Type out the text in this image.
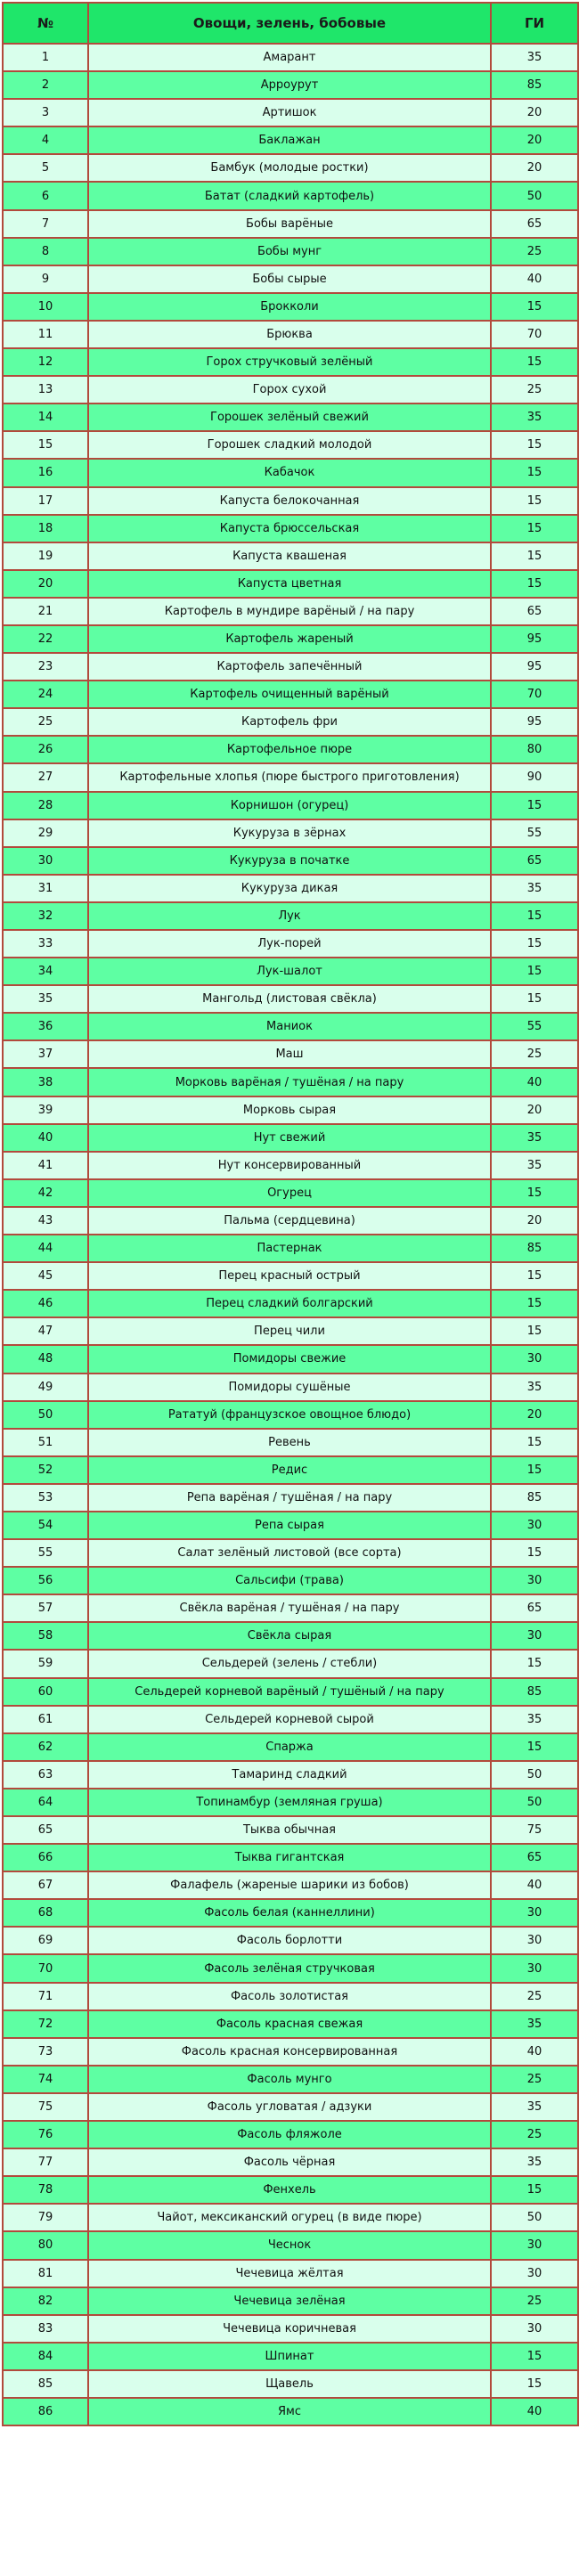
№	Овощи, зелень, бобовые	ГИ
1	Амарант	35
2	Арроурут	85
3	Артишок	20
4	Баклажан	20
5	Бамбук (молодые ростки)	20
6	Батат (сладкий картофель)	50
7	Бобы варёные	65
8	Бобы мунг	25
9	Бобы сырые	40
10	Брокколи	15
11	Брюква	70
12	Горох стручковый зелёный	15
13	Горох сухой	25
14	Горошек зелёный свежий	35
15	Горошек сладкий молодой	15
16	Кабачок	15
17	Капуста белокочанная	15
18	Капуста брюссельская	15
19	Капуста квашеная	15
20	Капуста цветная	15
21	Картофель в мундире варёный / на пару	65
22	Картофель жареный	95
23	Картофель запечённый	95
24	Картофель очищенный варёный	70
25	Картофель фри	95
26	Картофельное пюре	80
27	Картофельные хлопья (пюре быстрого приготовления)	90
28	Корнишон (огурец)	15
29	Кукуруза в зёрнах	55
30	Кукуруза в початке	65
31	Кукуруза дикая	35
32	Лук	15
33	Лук-порей	15
34	Лук-шалот	15
35	Мангольд (листовая свёкла)	15
36	Маниок	55
37	Маш	25
38	Морковь варёная / тушёная / на пару	40
39	Морковь сырая	20
40	Нут свежий	35
41	Нут консервированный	35
42	Огурец	15
43	Пальма (сердцевина)	20
44	Пастернак	85
45	Перец красный острый	15
46	Перец сладкий болгарский	15
47	Перец чили	15
48	Помидоры свежие	30
49	Помидоры сушёные	35
50	Рататуй (французское овощное блюдо)	20
51	Ревень	15
52	Редис	15
53	Репа варёная / тушёная / на пару	85
54	Репа сырая	30
55	Салат зелёный листовой (все сорта)	15
56	Сальсифи (трава)	30
57	Свёкла варёная / тушёная / на пару	65
58	Свёкла сырая	30
59	Сельдерей (зелень / стебли)	15
60	Сельдерей корневой варёный / тушёный / на пару	85
61	Сельдерей корневой сырой	35
62	Спаржа	15
63	Тамаринд сладкий	50
64	Топинамбур (земляная груша)	50
65	Тыква обычная	75
66	Тыква гигантская	65
67	Фалафель (жареные шарики из бобов)	40
68	Фасоль белая (каннеллини)	30
69	Фасоль борлотти	30
70	Фасоль зелёная стручковая	30
71	Фасоль золотистая	25
72	Фасоль красная свежая	35
73	Фасоль красная консервированная	40
74	Фасоль мунго	25
75	Фасоль угловатая / адзуки	35
76	Фасоль фляжоле	25
77	Фасоль чёрная	35
78	Фенхель	15
79	Чайот, мексиканский огурец (в виде пюре)	50
80	Чеснок	30
81	Чечевица жёлтая	30
82	Чечевица зелёная	25
83	Чечевица коричневая	30
84	Шпинат	15
85	Щавель	15
86	Ямс	40
